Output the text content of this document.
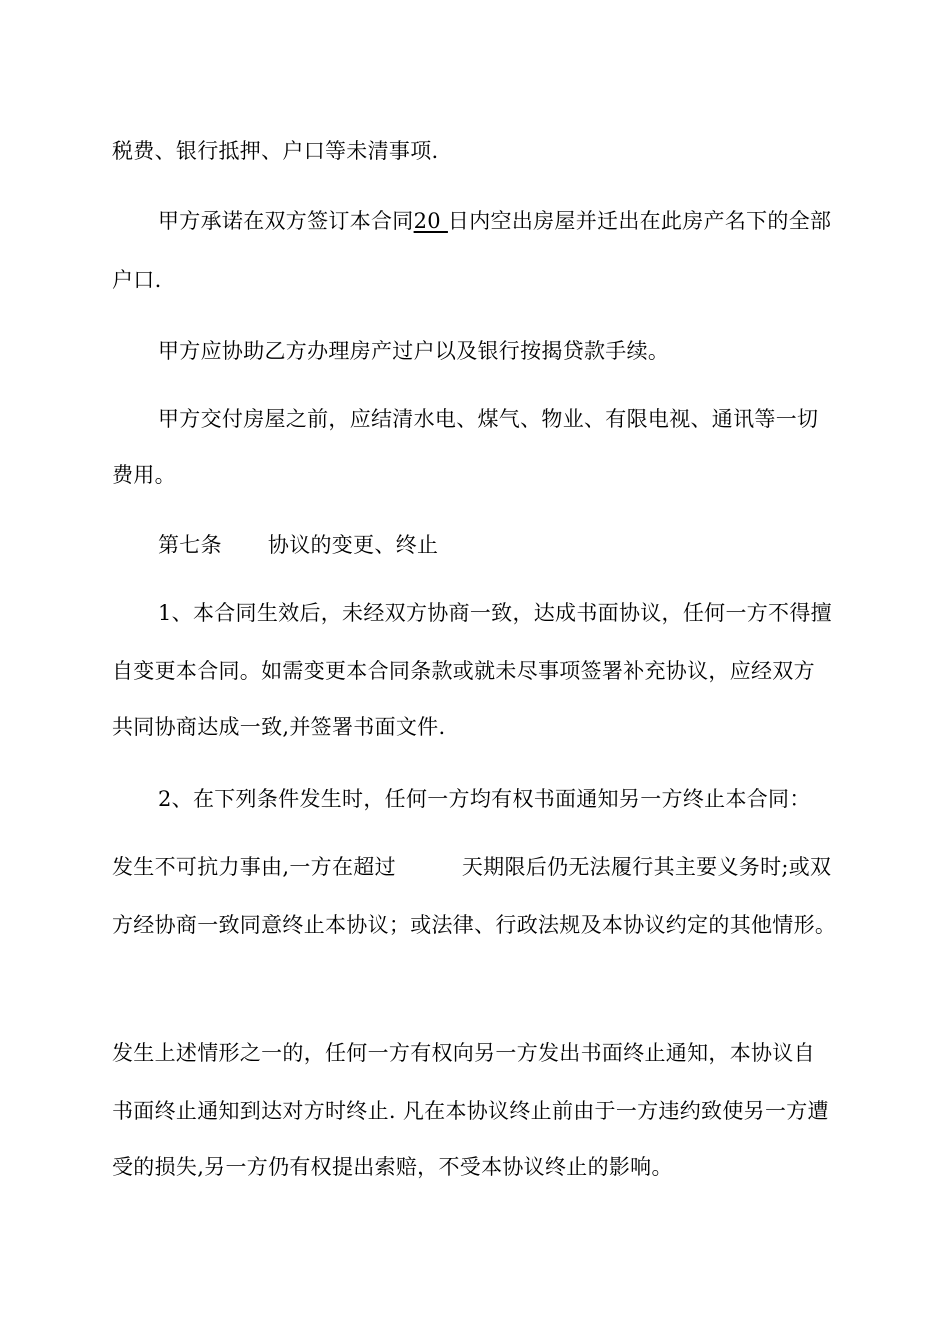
税费、银行抵押、户口等未清事项.
甲方承诺在双方签订本合同20 日内空出房屋并迁出在此房产名下的全部
户口.
甲方应协助乙方办理房产过户以及银行按揭贷款手续。
甲方交付房屋之前，应结清水电、煤气、物业、有限电视、通讯等一切
费用。
第七条 协议的变更、终止
1、本合同生效后，未经双方协商一致，达成书面协议，任何一方不得擅
自变更本合同。如需变更本合同条款或就未尽事项签署补充协议，应经双方
共同协商达成一致,并签署书面文件.
2、在下列条件发生时，任何一方均有权书面通知另一方终止本合同：
发生不可抗力事由,一方在超过	天期限后仍无法履行其主要义务时;或双
方经协商一致同意终止本协议；或法律、行政法规及本协议约定的其他情形。
发生上述情形之一的，任何一方有权向另一方发出书面终止通知，本协议自
书面终止通知到达对方时终止. 凡在本协议终止前由于一方违约致使另一方遭
受的损失,另一方仍有权提出索赔，不受本协议终止的影响。
